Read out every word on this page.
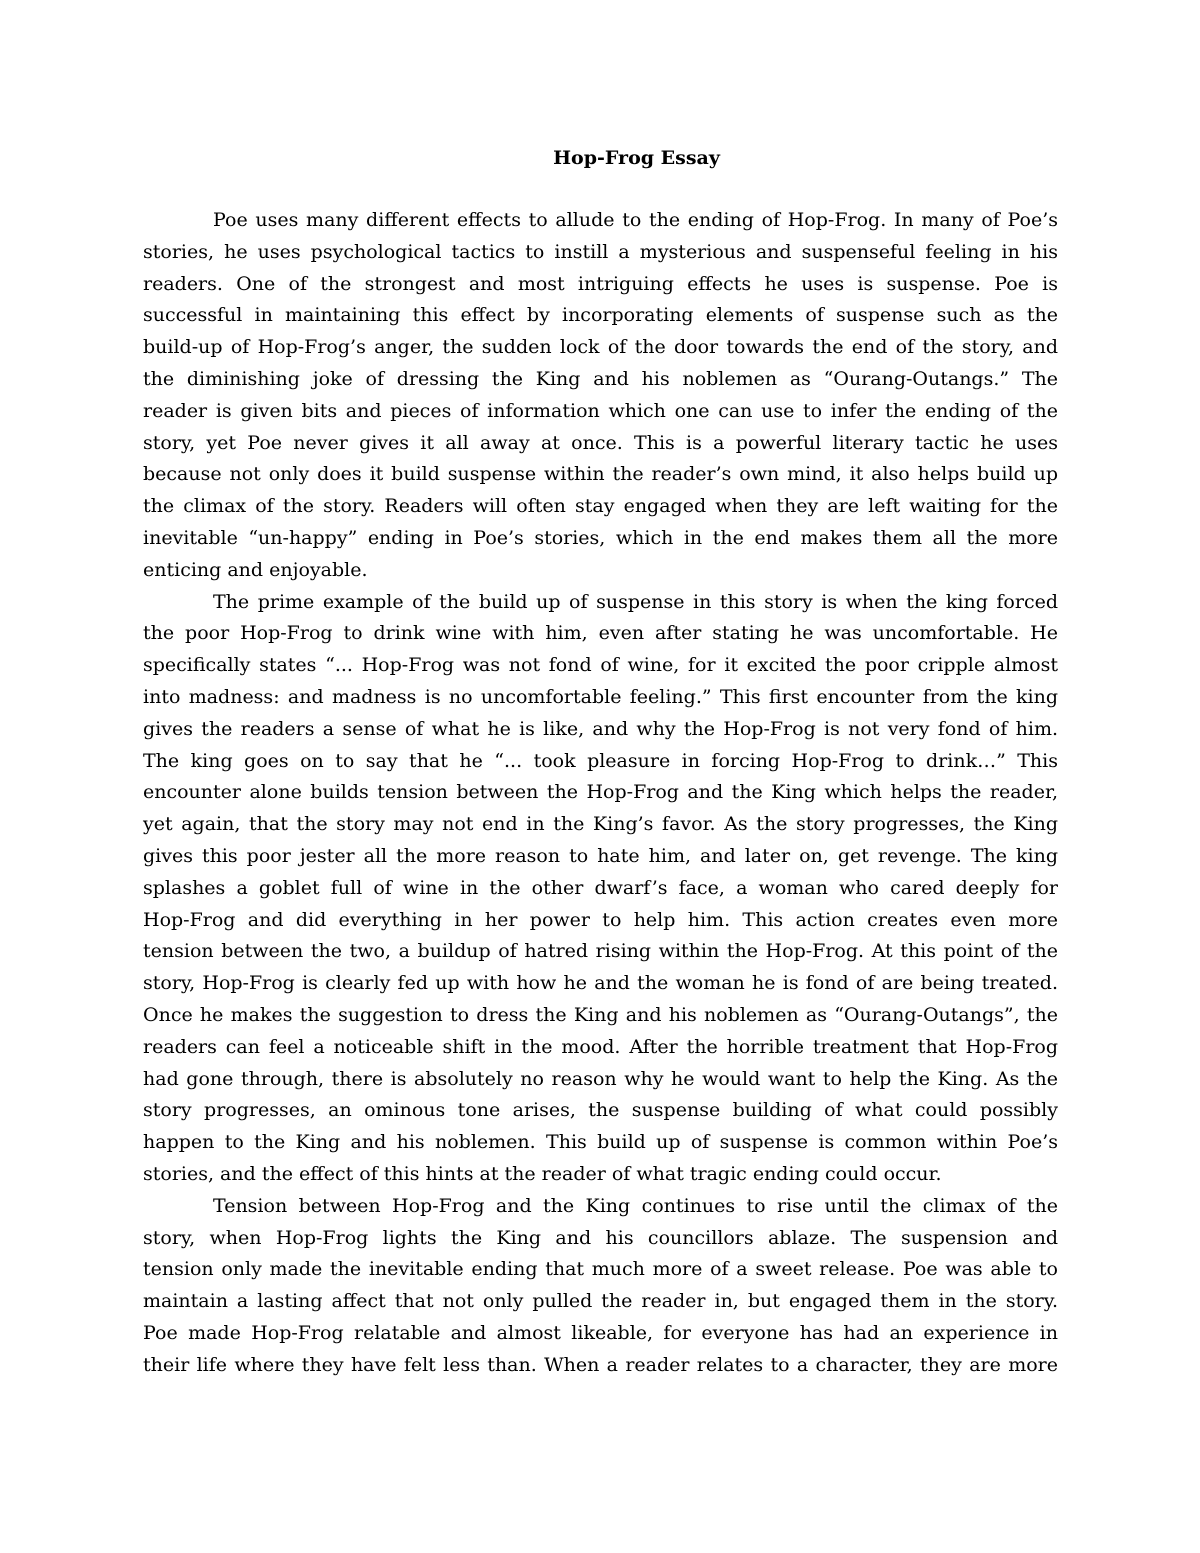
Hop-Frog Essay
Poe uses many different effects to allude to the ending of Hop-Frog. In many of Poe’s
stories, he uses psychological tactics to instill a mysterious and suspenseful feeling in his
readers. One of the strongest and most intriguing effects he uses is suspense. Poe is
successful in maintaining this effect by incorporating elements of suspense such as the
build-up of Hop-Frog’s anger, the sudden lock of the door towards the end of the story, and
the diminishing joke of dressing the King and his noblemen as “Ourang-Outangs.” The
reader is given bits and pieces of information which one can use to infer the ending of the
story, yet Poe never gives it all away at once. This is a powerful literary tactic he uses
because not only does it build suspense within the reader’s own mind, it also helps build up
the climax of the story. Readers will often stay engaged when they are left waiting for the
inevitable “un-happy” ending in Poe’s stories, which in the end makes them all the more
enticing and enjoyable.
The prime example of the build up of suspense in this story is when the king forced
the poor Hop-Frog to drink wine with him, even after stating he was uncomfortable. He
specifically states “... Hop-Frog was not fond of wine, for it excited the poor cripple almost
into madness: and madness is no uncomfortable feeling.” This first encounter from the king
gives the readers a sense of what he is like, and why the Hop-Frog is not very fond of him.
The king goes on to say that he “... took pleasure in forcing Hop-Frog to drink…” This
encounter alone builds tension between the Hop-Frog and the King which helps the reader,
yet again, that the story may not end in the King’s favor. As the story progresses, the King
gives this poor jester all the more reason to hate him, and later on, get revenge. The king
splashes a goblet full of wine in the other dwarf’s face, a woman who cared deeply for
Hop-Frog and did everything in her power to help him. This action creates even more
tension between the two, a buildup of hatred rising within the Hop-Frog. At this point of the
story, Hop-Frog is clearly fed up with how he and the woman he is fond of are being treated.
Once he makes the suggestion to dress the King and his noblemen as “Ourang-Outangs”, the
readers can feel a noticeable shift in the mood. After the horrible treatment that Hop-Frog
had gone through, there is absolutely no reason why he would want to help the King. As the
story progresses, an ominous tone arises, the suspense building of what could possibly
happen to the King and his noblemen. This build up of suspense is common within Poe’s
stories, and the effect of this hints at the reader of what tragic ending could occur.
Tension between Hop-Frog and the King continues to rise until the climax of the
story, when Hop-Frog lights the King and his councillors ablaze. The suspension and
tension only made the inevitable ending that much more of a sweet release. Poe was able to
maintain a lasting affect that not only pulled the reader in, but engaged them in the story.
Poe made Hop-Frog relatable and almost likeable, for everyone has had an experience in
their life where they have felt less than. When a reader relates to a character, they are more
